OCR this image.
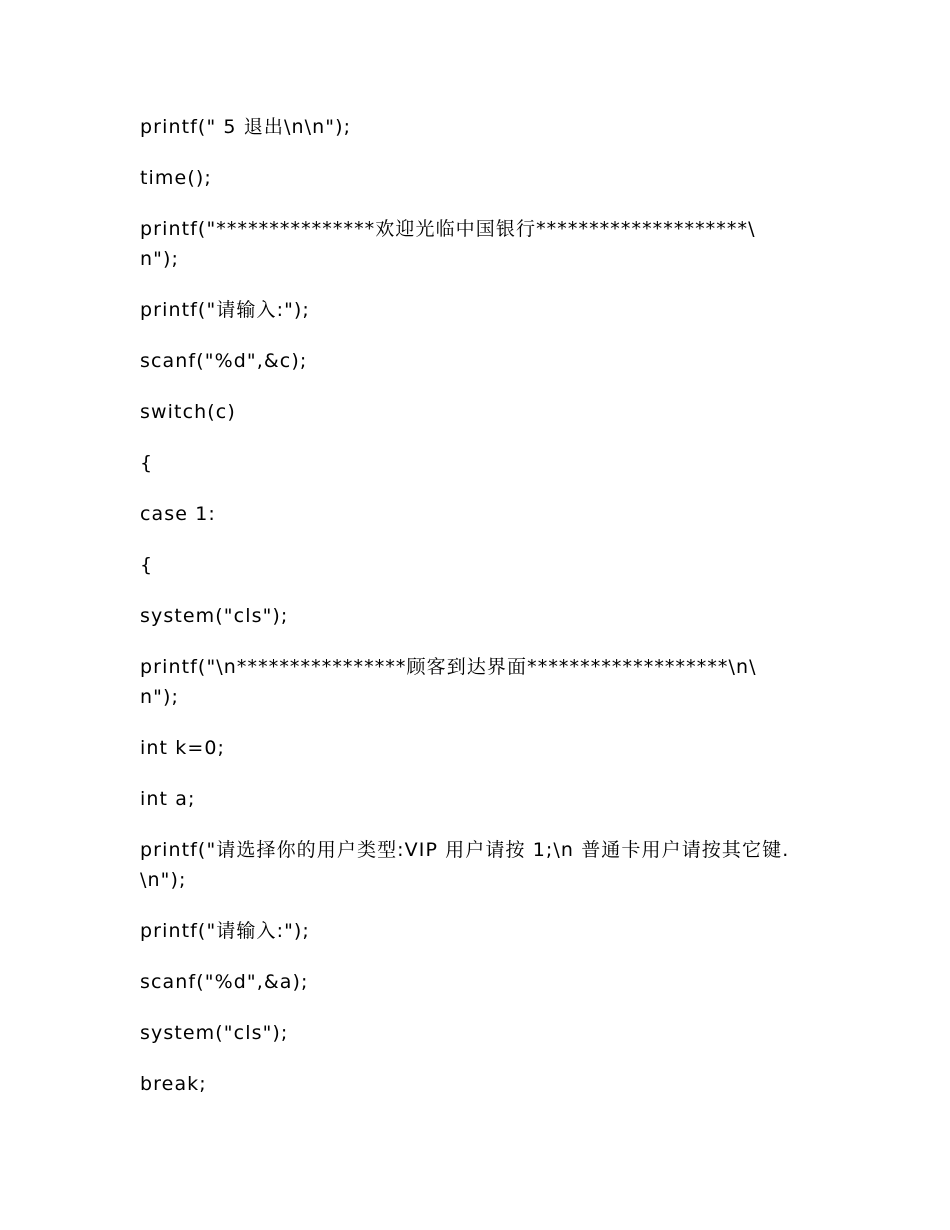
printf(" 5 退出\n\n");
time();
printf("***************欢迎光临中国银行********************\
n");
printf("请输入:");
scanf("%d",&c);
switch(c)
{
case 1:
{
system("cls");
printf("\n****************顾客到达界面*******************\n\
n");
int k=0;
int a;
printf("请选择你的用户类型:VIP 用户请按 1;\n 普通卡用户请按其它键.
\n");
printf("请输入:");
scanf("%d",&a);
system("cls");
break;
